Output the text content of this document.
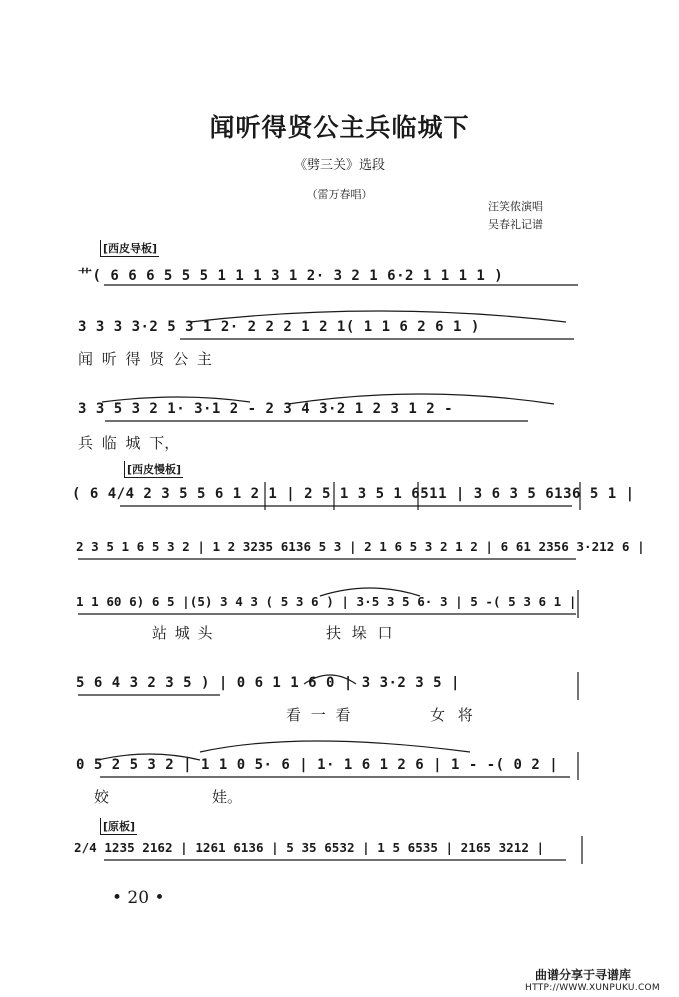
闻听得贤公主兵临城下
《劈三关》选段
（雷万春唱）
汪笑侬演唱
吴春礼记谱
[西皮导板]
艹( 6 6 6 5 5 5 1 1 1 3 1 2· 3 2 1 6·2 1 1 1 1 )
3 3 3 3·2 5 3 1 2· 2 2 2 1 2 1( 1 1 6 2 6 1 )
闻 听 得 贤 公 主
3 3 5 3 2 1· 3·1 2 - 2 3 4 3·2 1 2 3 1 2 -
兵 临 城 下，
[西皮慢板]
( 6 4/4 2 3 5 5 6 1 2 1 | 2 5 1 3 5 1 6511 | 3 6 3 5 6136 5 1 |
2 3 5 1 6 5 3 2 | 1 2 3235 6136 5 3 | 2 1 6 5 3 2 1 2 | 6 61 2356 3·212 6 |
1 1 60 6) 6 5 |(5) 3 4 3 ( 5 3 6 ) | 3·5 3 5 6· 3 | 5 -( 5 3 6 1 |
站 城 头	扶 垛 口
5 6 4 3 2 3 5 ) | 0 6 1 1 6 0 | 3 3·2 3 5 |
看 一 看	女 将
0 5 2 5 3 2 | 1 1 0 5· 6 | 1· 1 6 1 2 6 | 1 - -( 0 2 |
姣	娃。
[原板]
2/4 1235 2162 | 1261 6136 | 5 35 6532 | 1 5 6535 | 2165 3212 |
• 20 •
曲谱分享于寻谱库
HTTP://WWW.XUNPUKU.COM
